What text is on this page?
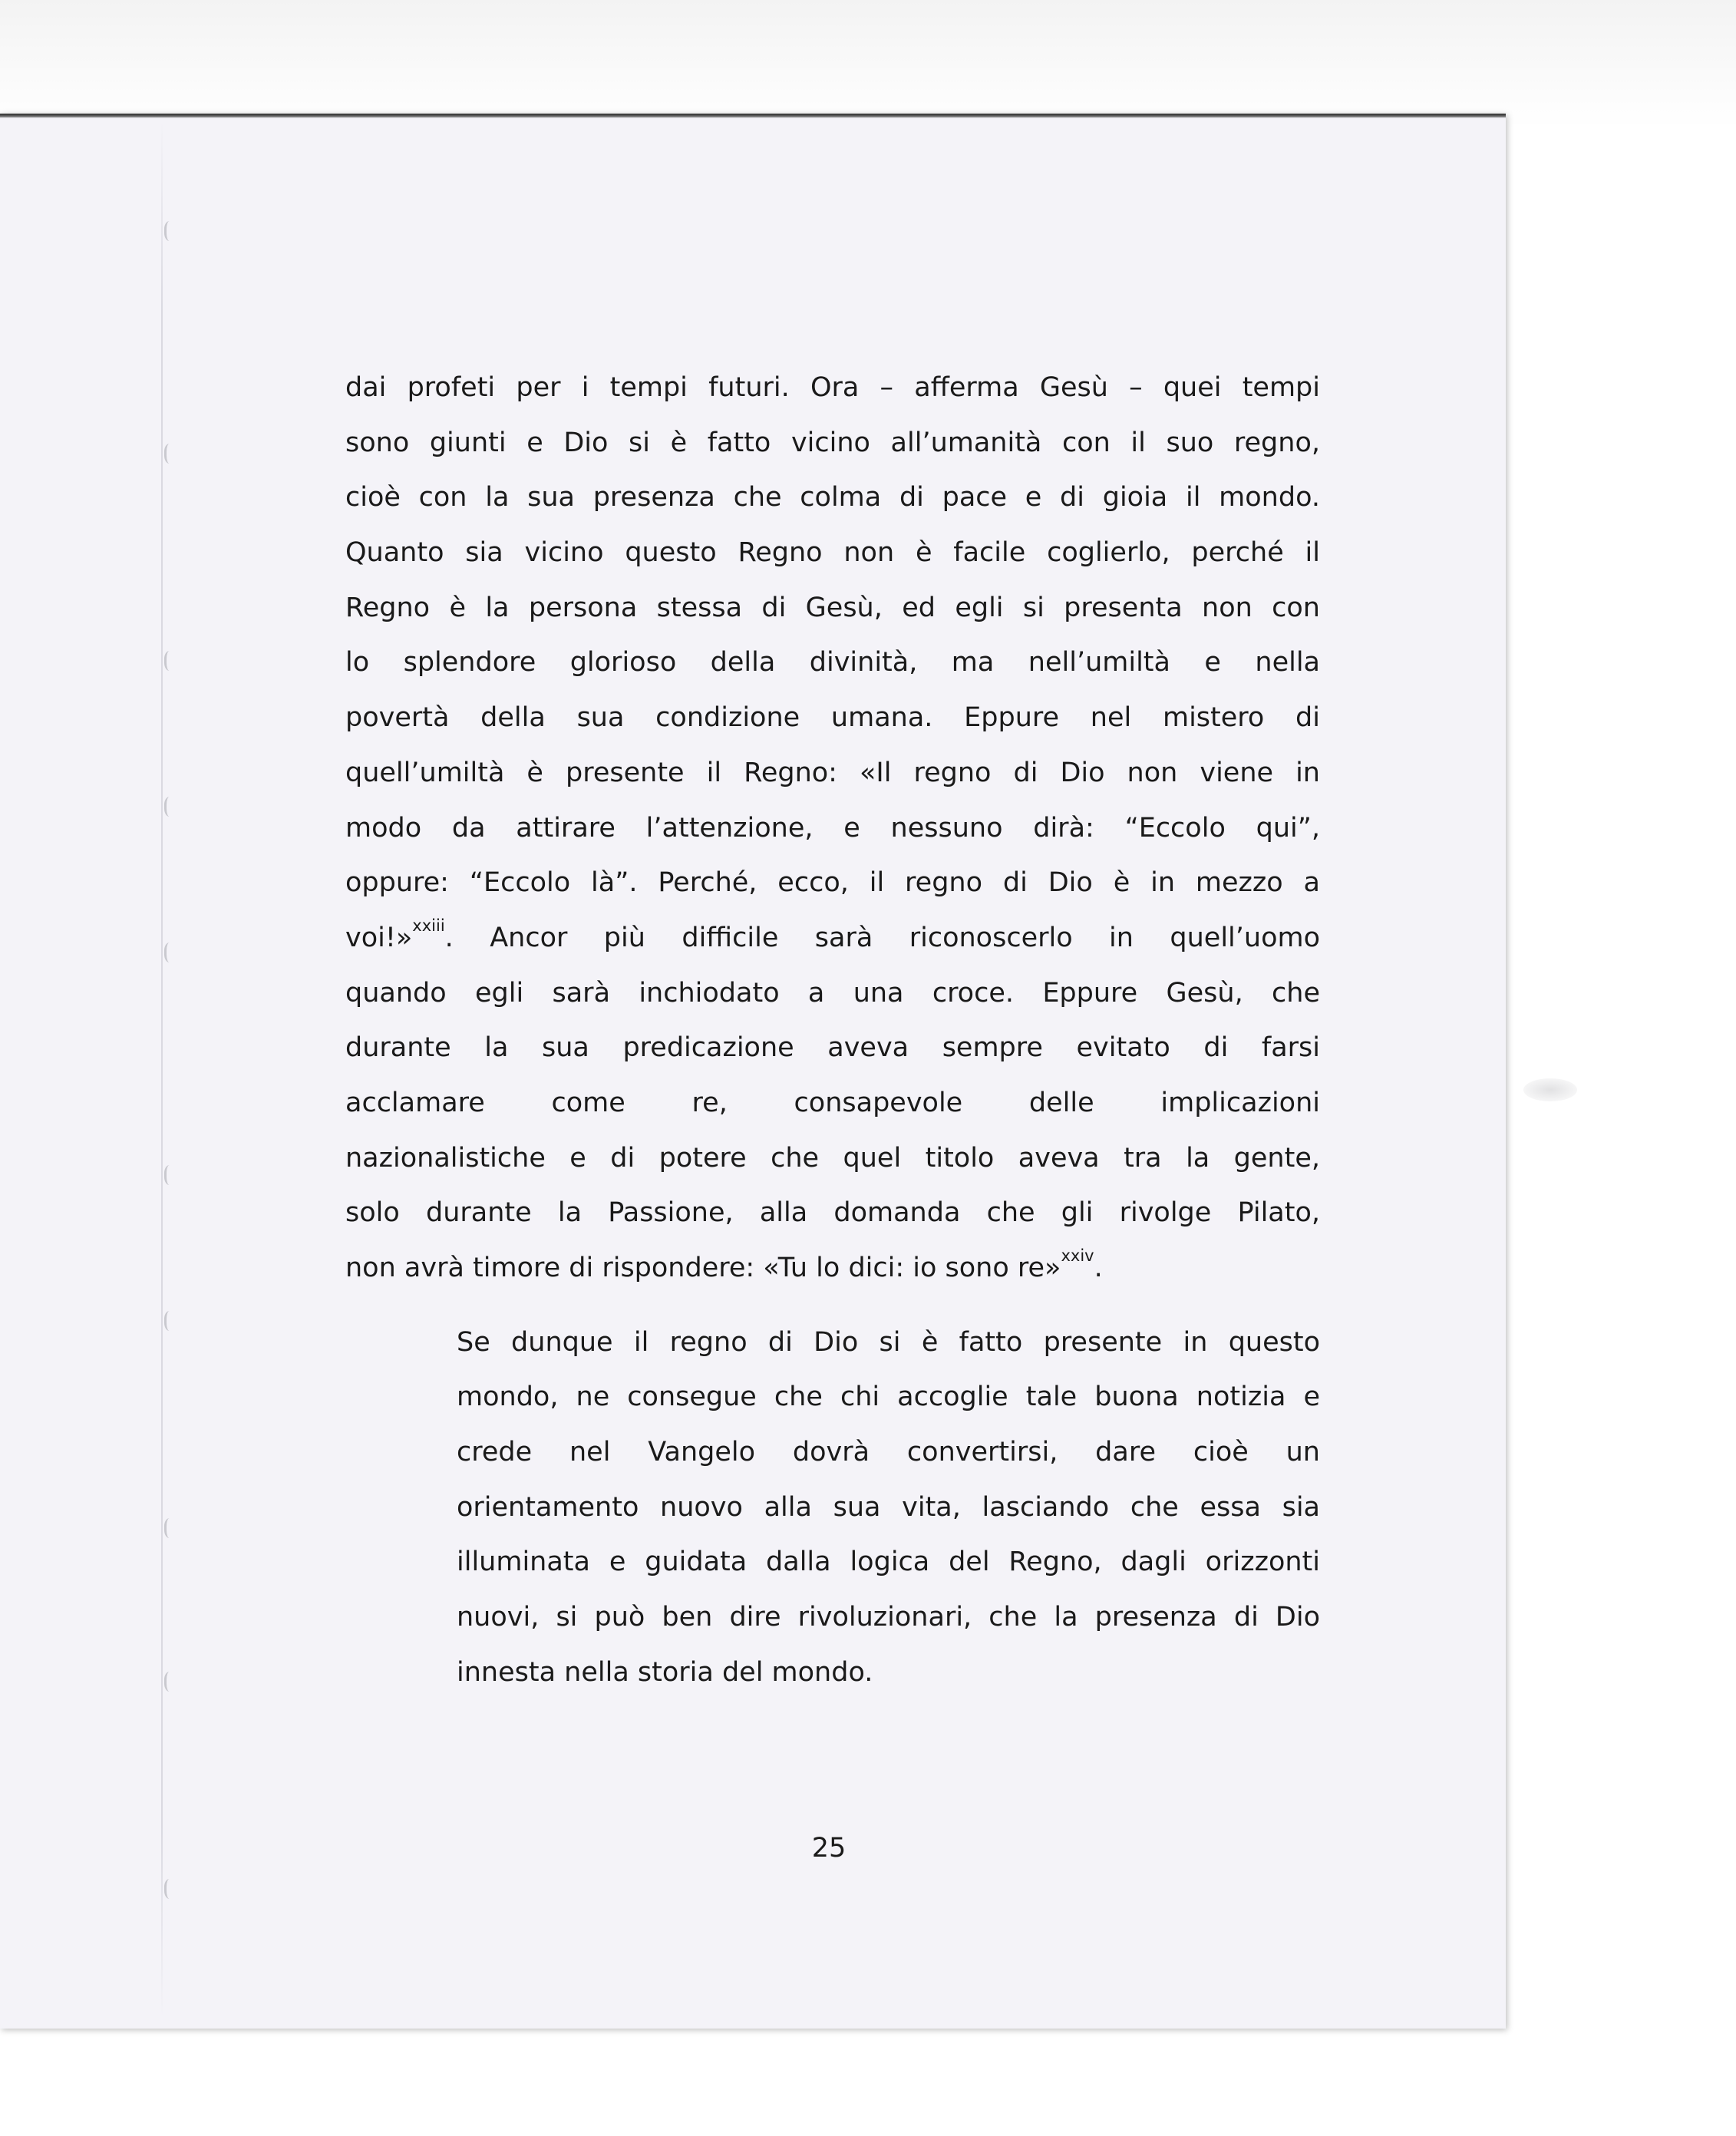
dai profeti per i tempi futuri. Ora – afferma Gesù – quei tempi
sono giunti e Dio si è fatto vicino all’umanità con il suo regno,
cioè con la sua presenza che colma di pace e di gioia il mondo.
Quanto sia vicino questo Regno non è facile coglierlo, perché il
Regno è la persona stessa di Gesù, ed egli si presenta non con
lo splendore glorioso della divinità, ma nell’umiltà e nella
povertà della sua condizione umana. Eppure nel mistero di
quell’umiltà è presente il Regno: «Il regno di Dio non viene in
modo da attirare l’attenzione, e nessuno dirà: “Eccolo qui”,
oppure: “Eccolo là”. Perché, ecco, il regno di Dio è in mezzo a
voi!»$^{xxiii}$. Ancor più difficile sarà riconoscerlo in quell’uomo
quando egli sarà inchiodato a una croce. Eppure Gesù, che
durante la sua predicazione aveva sempre evitato di farsi
acclamare come re, consapevole delle implicazioni
nazionalistiche e di potere che quel titolo aveva tra la gente,
solo durante la Passione, alla domanda che gli rivolge Pilato,
non avrà timore di rispondere: «Tu lo dici: io sono re»$^{xxiv}$.
Se dunque il regno di Dio si è fatto presente in questo
mondo, ne consegue che chi accoglie tale buona notizia e
crede nel Vangelo dovrà convertirsi, dare cioè un
orientamento nuovo alla sua vita, lasciando che essa sia
illuminata e guidata dalla logica del Regno, dagli orizzonti
nuovi, si può ben dire rivoluzionari, che la presenza di Dio
innesta nella storia del mondo.
25
